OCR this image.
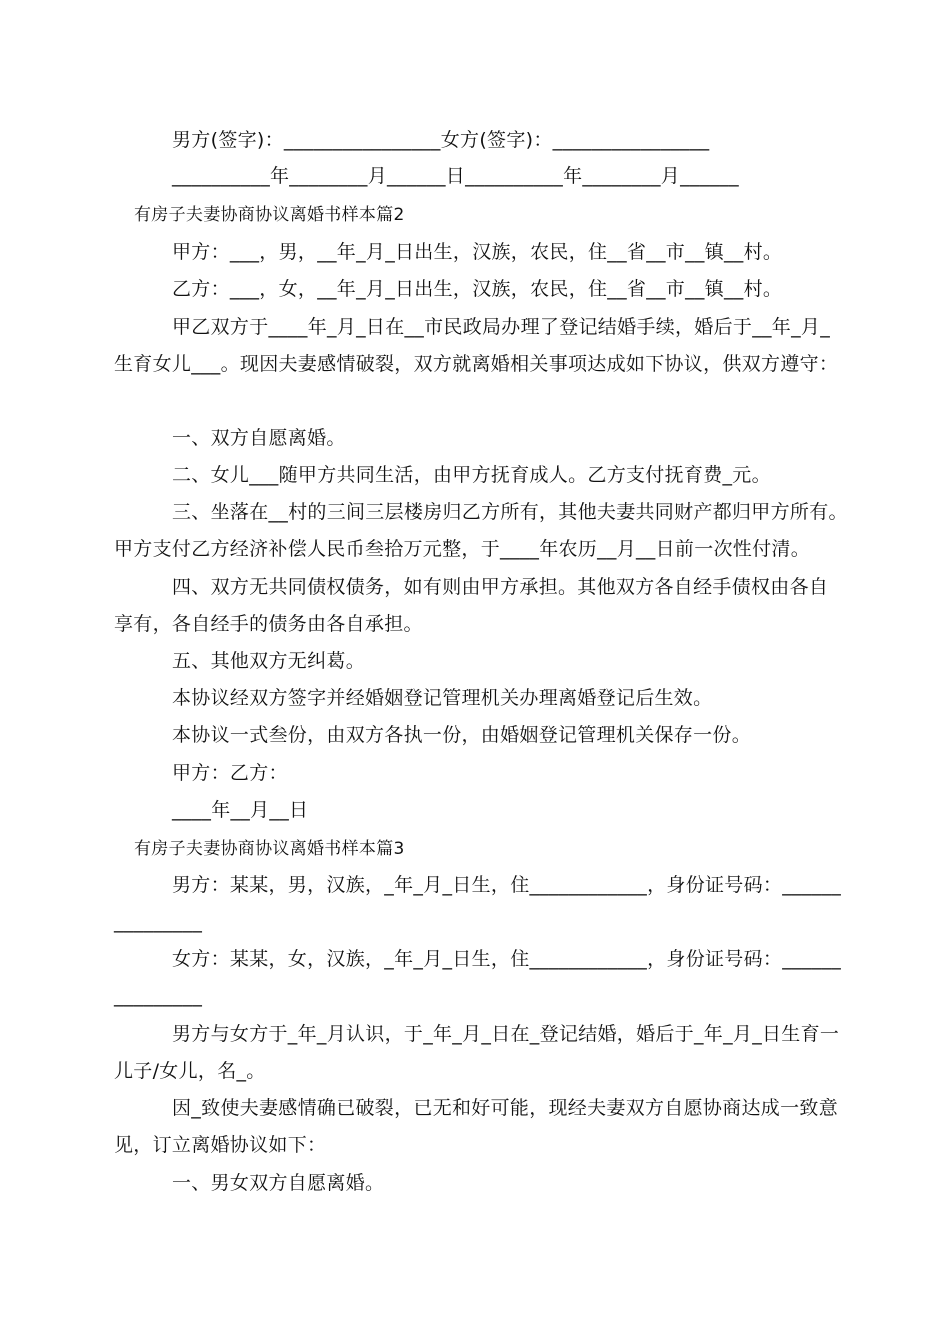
男方(签字)：________________女方(签字)：________________
__________年________月______日__________年________月______
有房子夫妻协商协议离婚书样本篇2
甲方：___，男，__年_月_日出生，汉族，农民，住__省__市__镇__村。
乙方：___，女，__年_月_日出生，汉族，农民，住__省__市__镇__村。
甲乙双方于____年_月_日在__市民政局办理了登记结婚手续，婚后于__年_月_
生育女儿___。现因夫妻感情破裂，双方就离婚相关事项达成如下协议，供双方遵守：
一、双方自愿离婚。
二、女儿___随甲方共同生活，由甲方抚育成人。乙方支付抚育费_元。
三、坐落在__村的三间三层楼房归乙方所有，其他夫妻共同财产都归甲方所有。
甲方支付乙方经济补偿人民币叁拾万元整，于____年农历__月__日前一次性付清。
四、双方无共同债权债务，如有则由甲方承担。其他双方各自经手债权由各自
享有，各自经手的债务由各自承担。
五、其他双方无纠葛。
本协议经双方签字并经婚姻登记管理机关办理离婚登记后生效。
本协议一式叁份，由双方各执一份，由婚姻登记管理机关保存一份。
甲方：乙方：
____年__月__日
有房子夫妻协商协议离婚书样本篇3
男方：某某，男，汉族，_年_月_日生，住____________，身份证号码：______
_________
女方：某某，女，汉族，_年_月_日生，住____________，身份证号码：______
_________
男方与女方于_年_月认识，于_年_月_日在_登记结婚，婚后于_年_月_日生育一
儿子/女儿，名_。
因_致使夫妻感情确已破裂，已无和好可能，现经夫妻双方自愿协商达成一致意
见，订立离婚协议如下：
一、男女双方自愿离婚。
